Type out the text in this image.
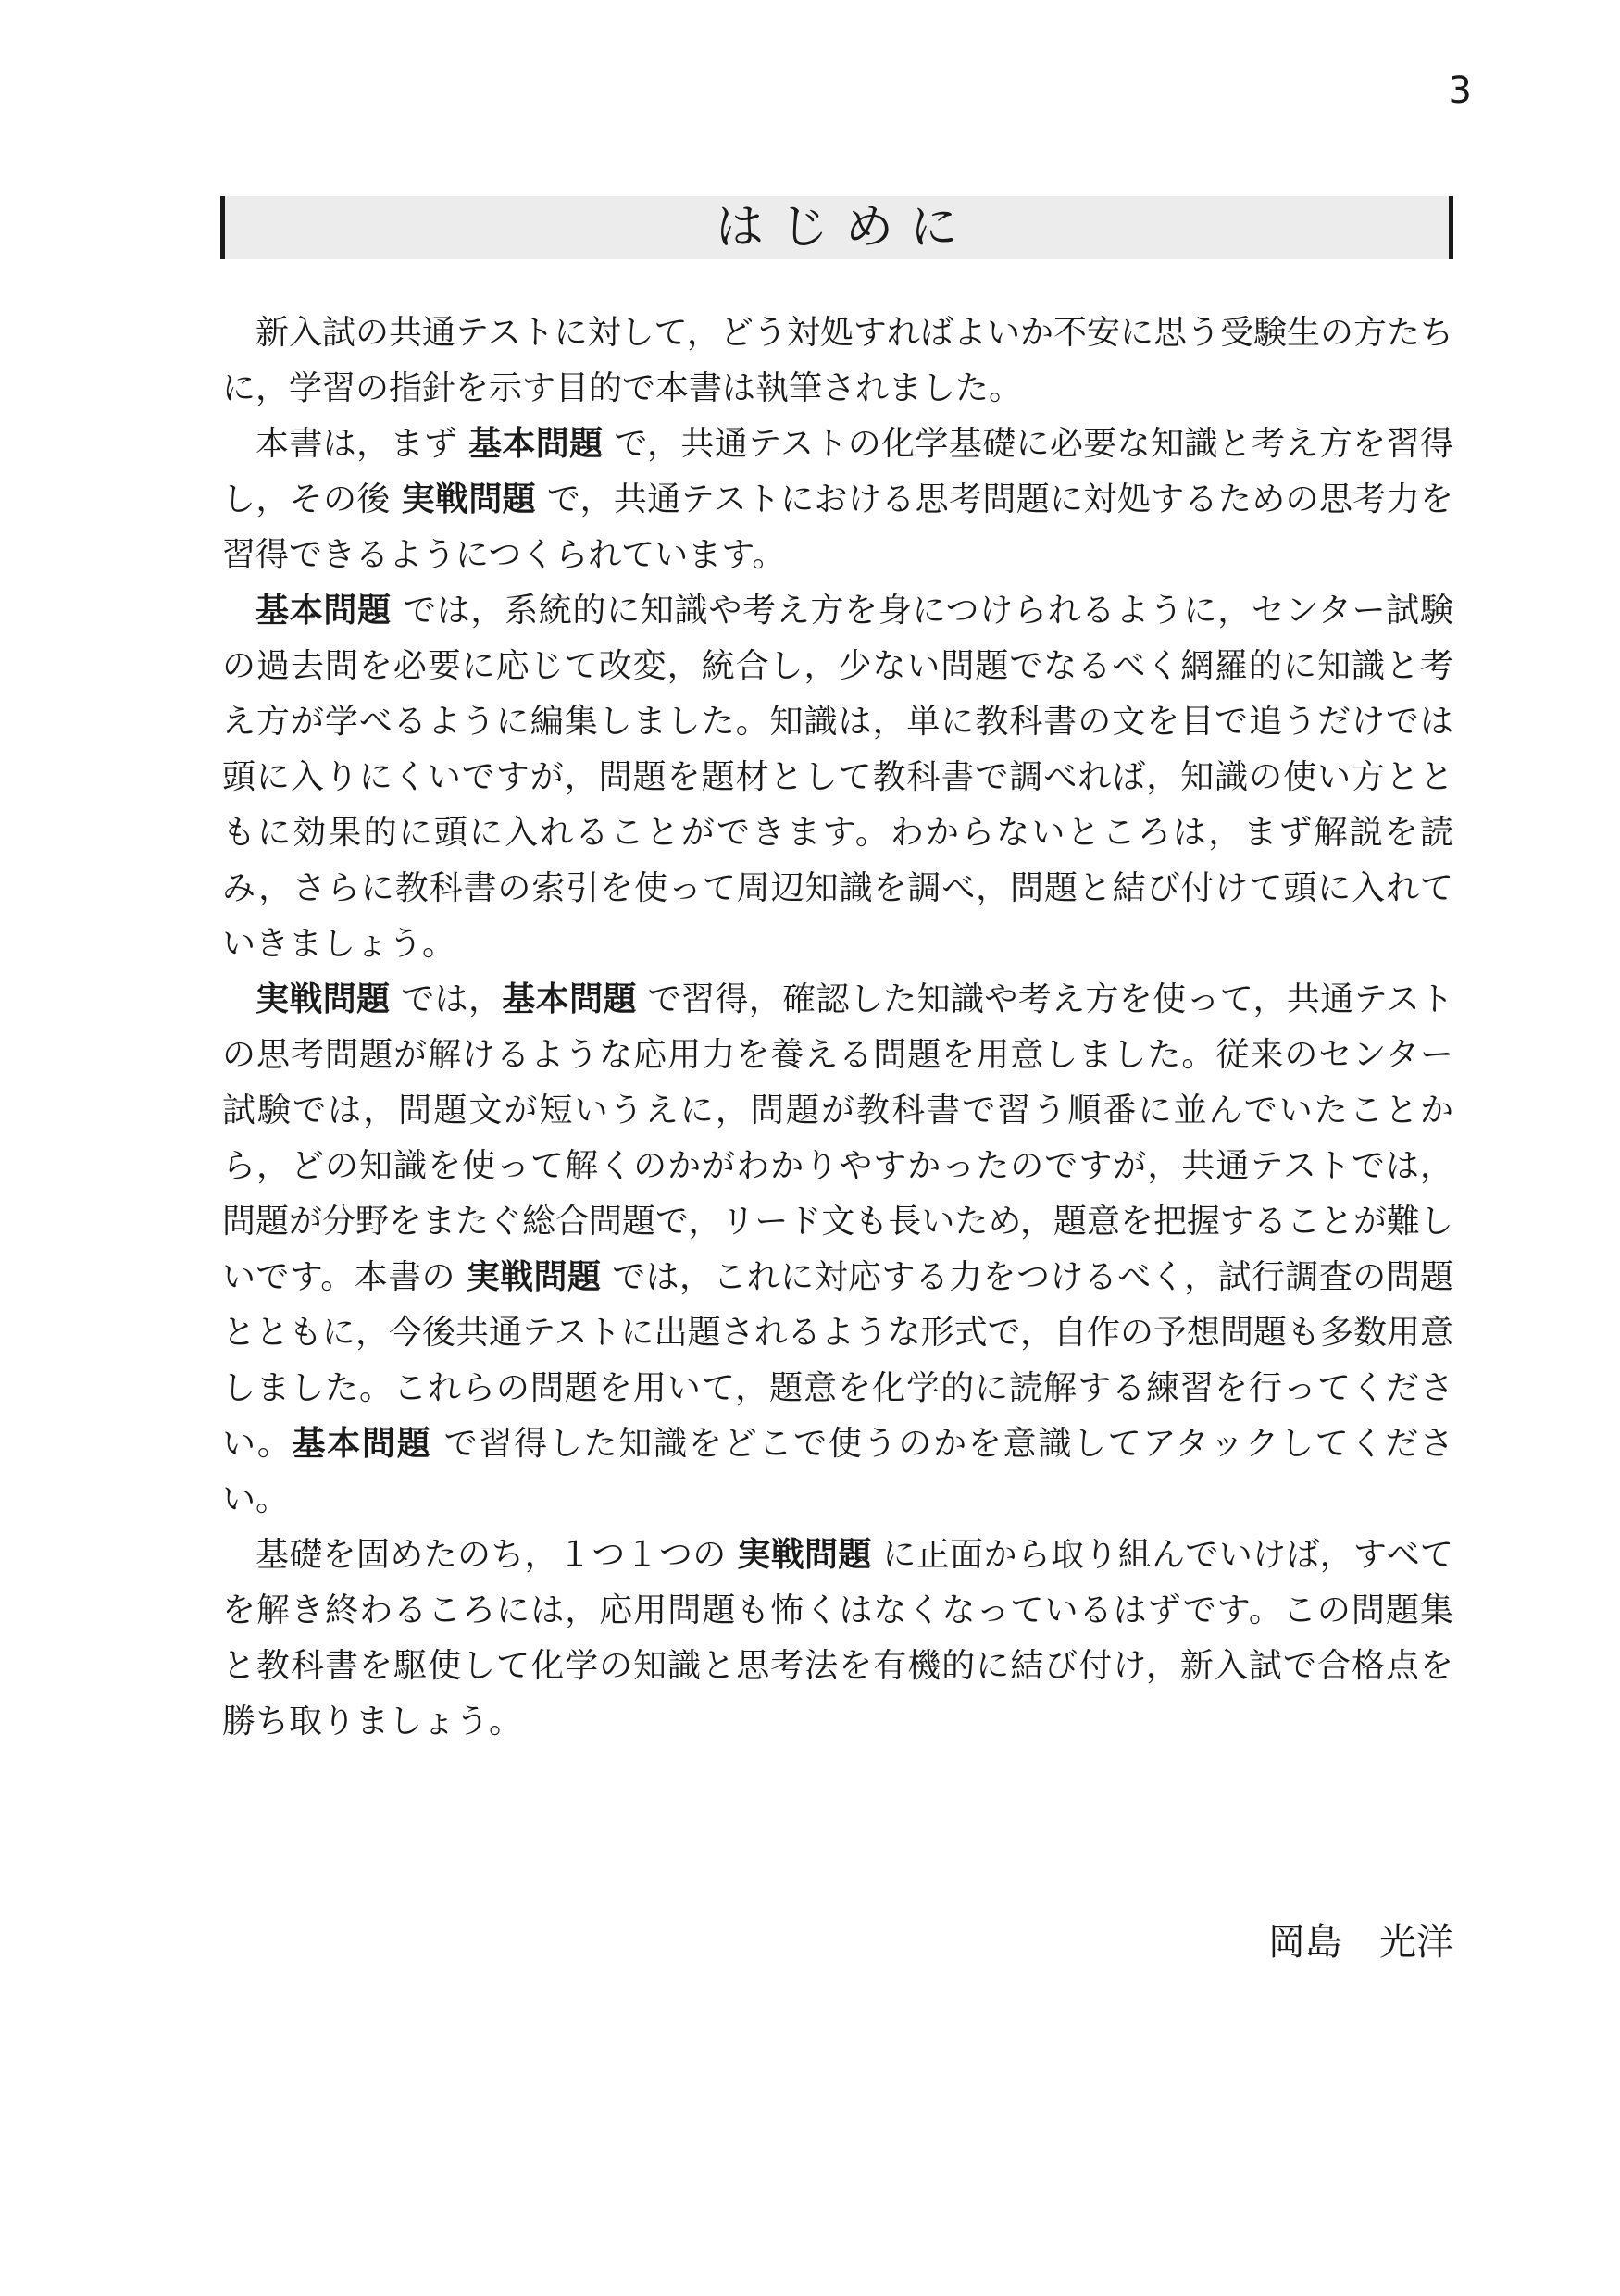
3
はじめに

新入試の共通テストに対して，どう対処すればよいか不安に思う受験生の方たちに，学習の指針を示す目的で本書は執筆されました。

本書は，まず 基本問題 で，共通テストの化学基礎に必要な知識と考え方を習得し，その後 実戦問題 で，共通テストにおける思考問題に対処するための思考力を習得できるようにつくられています。

基本問題 では，系統的に知識や考え方を身につけられるように，センター試験の過去問を必要に応じて改変，統合し，少ない問題でなるべく網羅的に知識と考え方が学べるように編集しました。知識は，単に教科書の文を目で追うだけでは頭に入りにくいですが，問題を題材として教科書で調べれば，知識の使い方とともに効果的に頭に入れることができます。わからないところは，まず解説を読み，さらに教科書の索引を使って周辺知識を調べ，問題と結び付けて頭に入れていきましょう。

実戦問題 では，基本問題 で習得，確認した知識や考え方を使って，共通テストの思考問題が解けるような応用力を養える問題を用意しました。従来のセンター試験では，問題文が短いうえに，問題が教科書で習う順番に並んでいたことから，どの知識を使って解くのかがわかりやすかったのですが，共通テストでは，問題が分野をまたぐ総合問題で，リード文も長いため，題意を把握することが難しいです。本書の 実戦問題 では，これに対応する力をつけるべく，試行調査の問題とともに，今後共通テストに出題されるような形式で，自作の予想問題も多数用意しました。これらの問題を用いて，題意を化学的に読解する練習を行ってください。基本問題 で習得した知識をどこで使うのかを意識してアタックしてください。

基礎を固めたのち，１つ１つの 実戦問題 に正面から取り組んでいけば，すべてを解き終わるころには，応用問題も怖くはなくなっているはずです。この問題集と教科書を駆使して化学の知識と思考法を有機的に結び付け，新入試で合格点を勝ち取りましょう。

岡島　光洋
